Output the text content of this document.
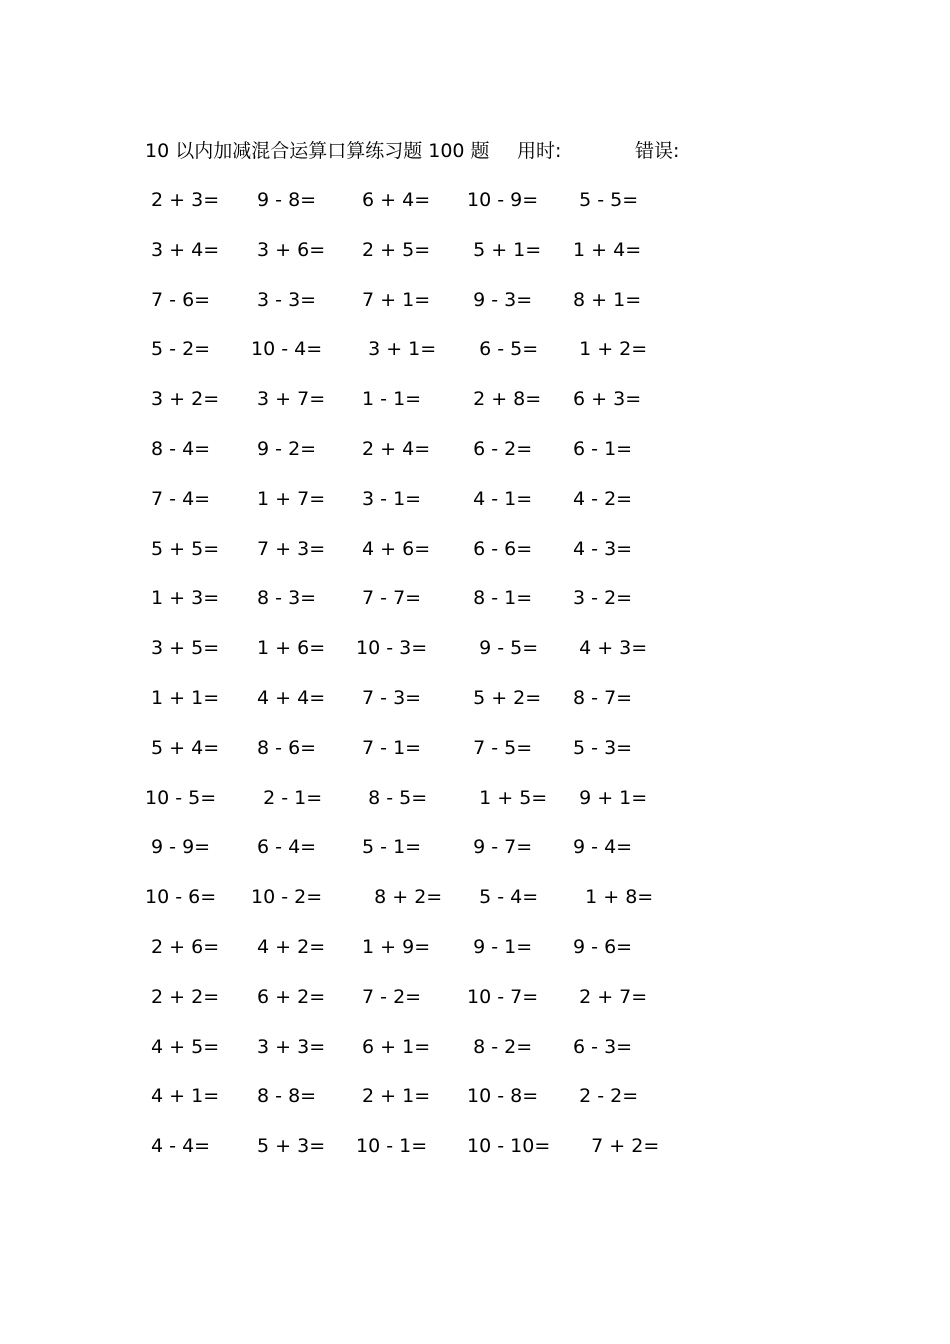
10 以内加减混合运算口算练习题 100 题 用时:	错误:
2 + 3=	9 - 8=	6 + 4=	10 - 9=	5 - 5=
3 + 4=	3 + 6=	2 + 5=	5 + 1=	1 + 4=
7 - 6=	3 - 3=	7 + 1=	9 - 3=	8 + 1=
5 - 2=	10 - 4=	3 + 1= 6 - 5=	1 + 2=
3 + 2=	3 + 7=	1 - 1=	2 + 8=	6 + 3=
8 - 4=	9 - 2=	2 + 4=	6 - 2=	6 - 1=
7 - 4=	1 + 7=	3 - 1=	4 - 1=	4 - 2=
5 + 5=	7 + 3=	4 + 6=	6 - 6=	4 - 3=
1 + 3=	8 - 3=	7 - 7=	8 - 1=	3 - 2=
3 + 5=	1 + 6=	10 - 3=	9 - 5=	4 + 3=
1 + 1=	4 + 4=	7 - 3=	5 + 2=	8 - 7=
5 + 4=	8 - 6=	7 - 1=	7 - 5=	5 - 3=
10 - 5=	2 - 1=	8 - 5=	1 + 5= 9 + 1=
9 - 9=	6 - 4=	5 - 1=	9 - 7=	9 - 4=
10 - 6=	10 - 2=	8 + 2= 5 - 4=	1 + 8=
2 + 6=	4 + 2=	1 + 9=	9 - 1=	9 - 6=
2 + 2=	6 + 2=	7 - 2=	10 - 7=	2 + 7=
4 + 5=	3 + 3=	6 + 1=	8 - 2=	6 - 3=
4 + 1=	8 - 8=	2 + 1=	10 - 8=	2 - 2=
4 - 4=	5 + 3=	10 - 1=	10 - 10= 7 + 2=
